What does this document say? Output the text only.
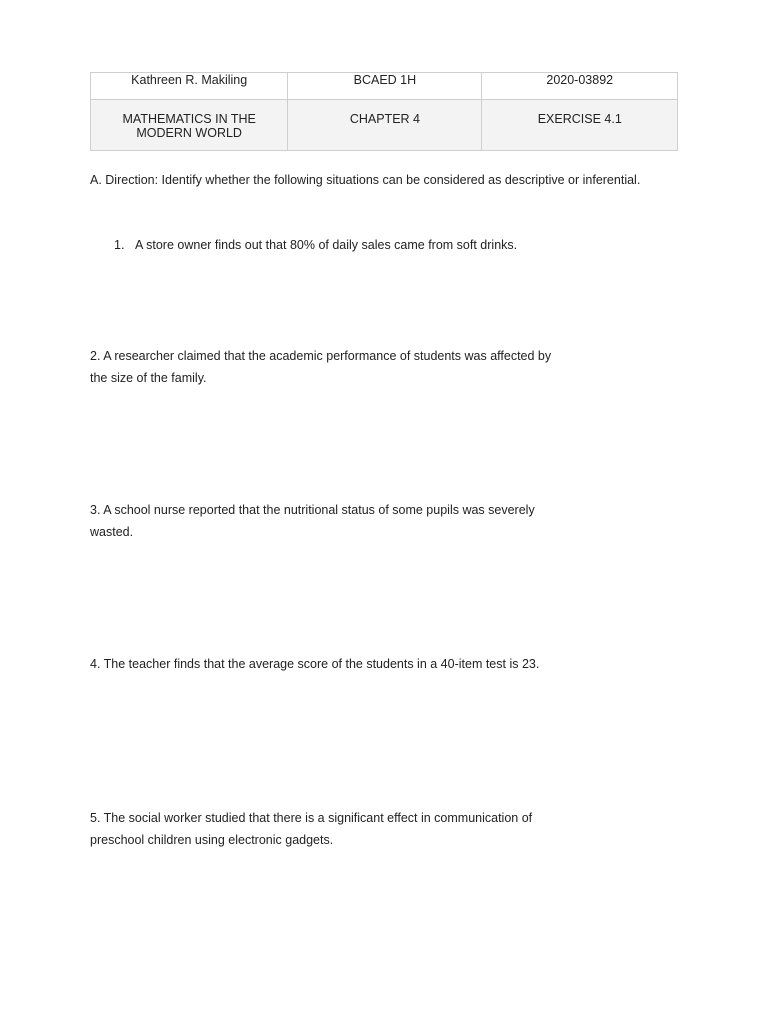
Kathreen R. Makiling	BCAED 1H	2020-03892
MATHEMATICS IN THE
MODERN WORLD	CHAPTER 4	EXERCISE 4.1
A. Direction: Identify whether the following situations can be considered as descriptive or inferential.

1. A store owner finds out that 80% of daily sales came from soft drinks.

2. A researcher claimed that the academic performance of students was affected by
the size of the family.
3. A school nurse reported that the nutritional status of some pupils was severely
wasted.
4. The teacher finds that the average score of the students in a 40-item test is 23.
5. The social worker studied that there is a significant effect in communication of
preschool children using electronic gadgets.
